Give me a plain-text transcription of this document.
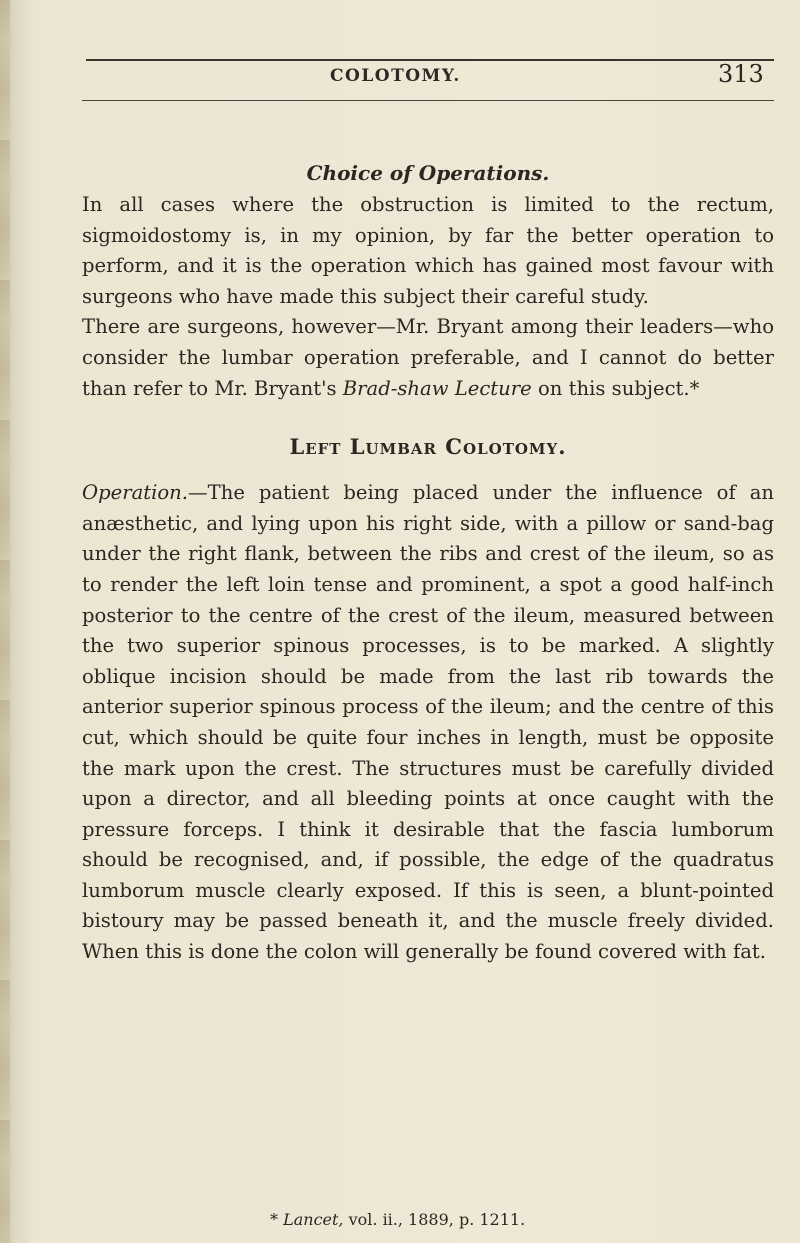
COLOTOMY.	313
Choice of Operations.

In all cases where the obstruction is limited to the rectum, sigmoidostomy is, in my opinion, by far the better operation to perform, and it is the operation which has gained most favour with surgeons who have made this subject their careful study.

There are surgeons, however—Mr. Bryant among their leaders—who consider the lumbar operation preferable, and I cannot do better than refer to Mr. Bryant's Brad-shaw Lecture on this subject.*

Left Lumbar Colotomy.

Operation.—The patient being placed under the influence of an anæsthetic, and lying upon his right side, with a pillow or sand-bag under the right flank, between the ribs and crest of the ileum, so as to render the left loin tense and prominent, a spot a good half-inch posterior to the centre of the crest of the ileum, measured between the two superior spinous processes, is to be marked. A slightly oblique incision should be made from the last rib towards the anterior superior spinous process of the ileum; and the centre of this cut, which should be quite four inches in length, must be opposite the mark upon the crest. The structures must be carefully divided upon a director, and all bleeding points at once caught with the pressure forceps. I think it desirable that the fascia lumborum should be recognised, and, if possible, the edge of the quadratus lumborum muscle clearly exposed. If this is seen, a blunt-pointed bistoury may be passed beneath it, and the muscle freely divided. When this is done the colon will generally be found covered with fat.

* Lancet, vol. ii., 1889, p. 1211.
